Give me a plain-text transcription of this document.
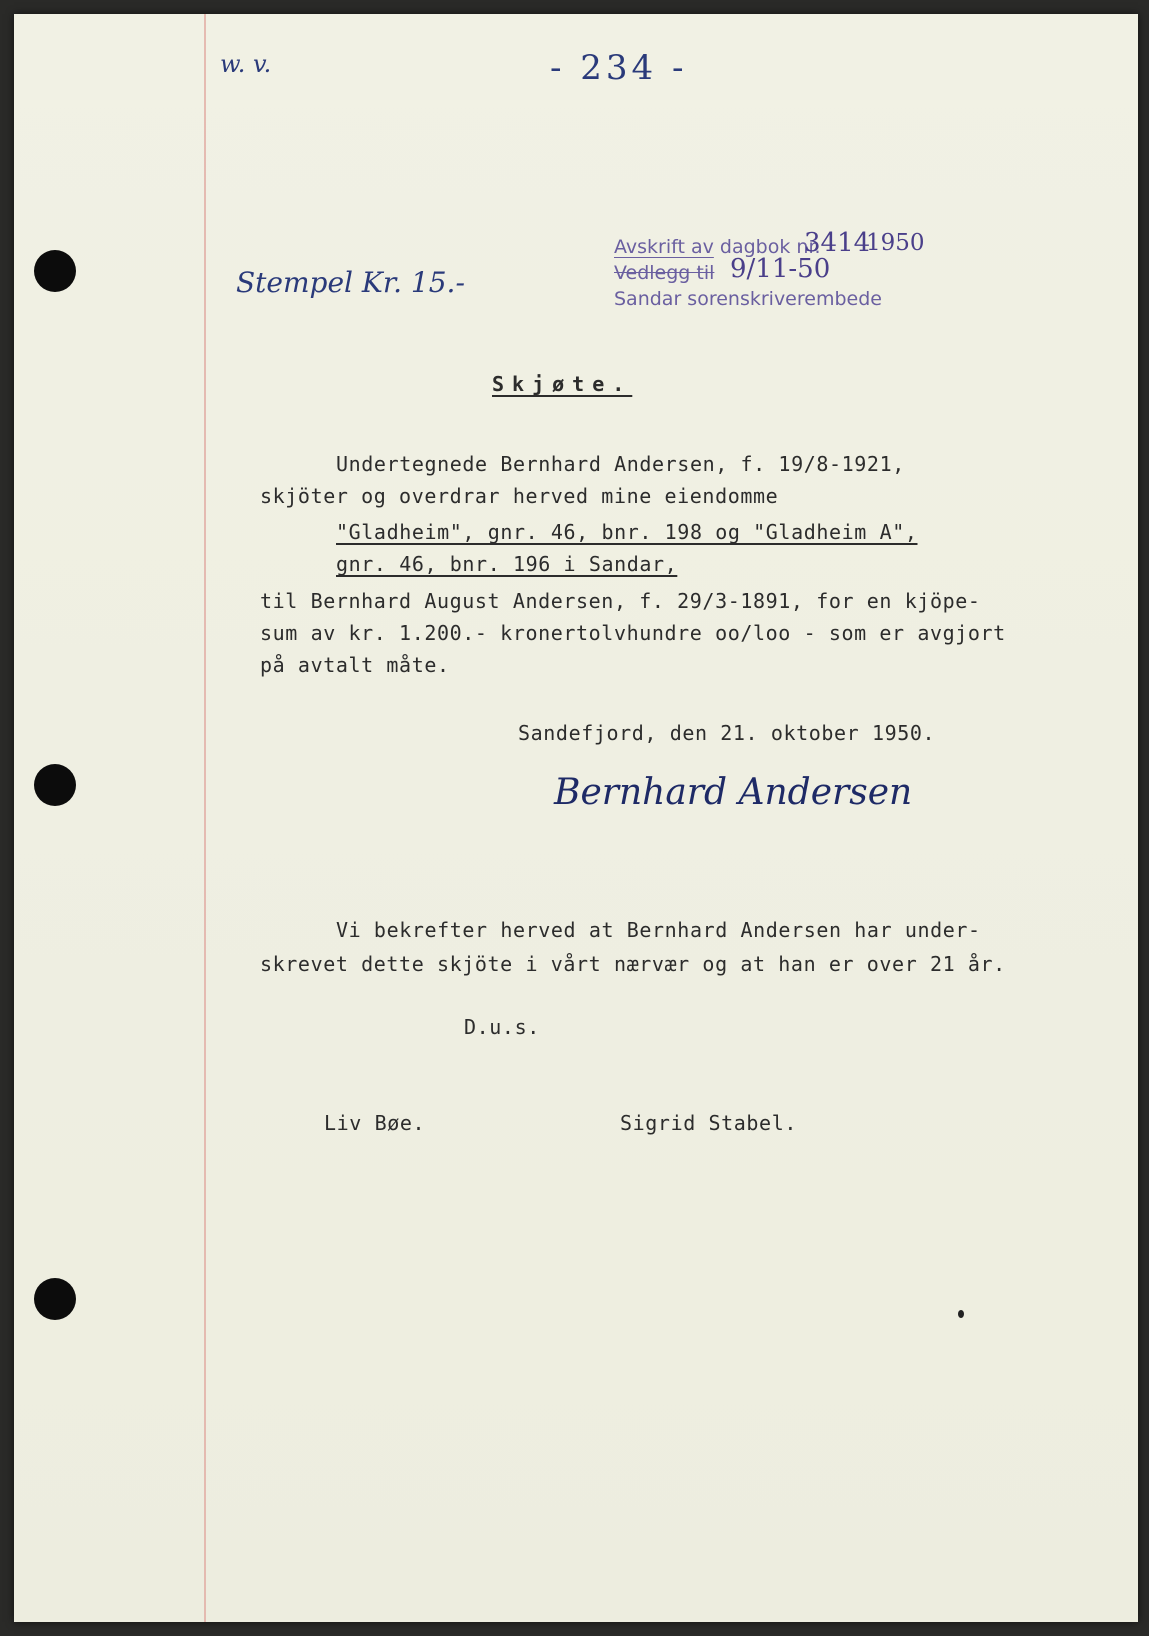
w. v.	- 234 -
Stempel Kr. 15.-
Avskrift av dagbok nr.
3414
1950
Vedlegg til 9/11-50
Sandar sorenskriverembede
Skjøte.
Undertegnede Bernhard Andersen, f. 19/8-1921,
skjöter og overdrar herved mine eiendomme
"Gladheim", gnr. 46, bnr. 198 og "Gladheim A",
gnr. 46, bnr. 196 i Sandar,
til Bernhard August Andersen, f. 29/3-1891, for en kjöpe-
sum av kr. 1.200.- kronertolvhundre oo/loo - som er avgjort
på avtalt måte.
Sandefjord, den 21. oktober 1950.
Bernhard Andersen
Vi bekrefter herved at Bernhard Andersen har under-
skrevet dette skjöte i vårt nærvær og at han er over 21 år.
D.u.s.
Liv Bøe.	Sigrid Stabel.
